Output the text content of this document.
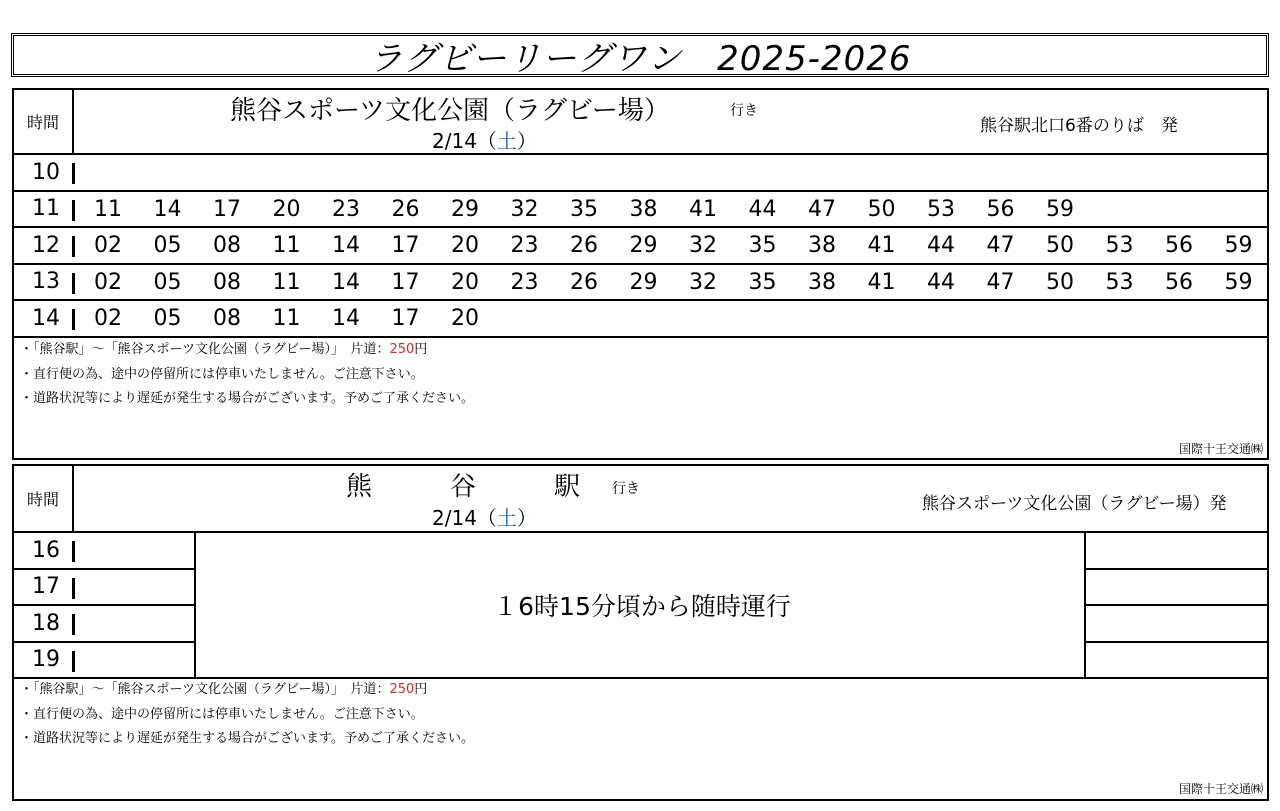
ラグビーリーグワン　2025-2026
時間	熊谷スポーツ文化公園（ラグビー場）	行き
2/14（土）
熊谷駅北口6番のりば　発
10
11	11 14 17 20 23 26 29 32 35 38 41 44 47 50 53 56 59
12	02 05 08 11 14 17 20 23 26 29 32 35 38 41 44 47 50 53 56 59
13	02 05 08 11 14 17 20 23 26 29 32 35 38 41 44 47 50 53 56 59
14	02 05 08 11 14 17 20
・「熊谷駅」～「熊谷スポーツ文化公園（ラグビー場）」　片道：250円
・直行便の為、途中の停留所には停車いたしません。ご注意下さい。
・道路状況等により遅延が発生する場合がございます。予めご了承ください。
国際十王交通㈱
時間	熊　　　谷　　　駅 行き
2/14（土）
熊谷スポーツ文化公園（ラグビー場）発
16
17
18
19
１6時15分頃から随時運行
・「熊谷駅」～「熊谷スポーツ文化公園（ラグビー場）」　片道：250円
・直行便の為、途中の停留所には停車いたしません。ご注意下さい。
・道路状況等により遅延が発生する場合がございます。予めご了承ください。
国際十王交通㈱
